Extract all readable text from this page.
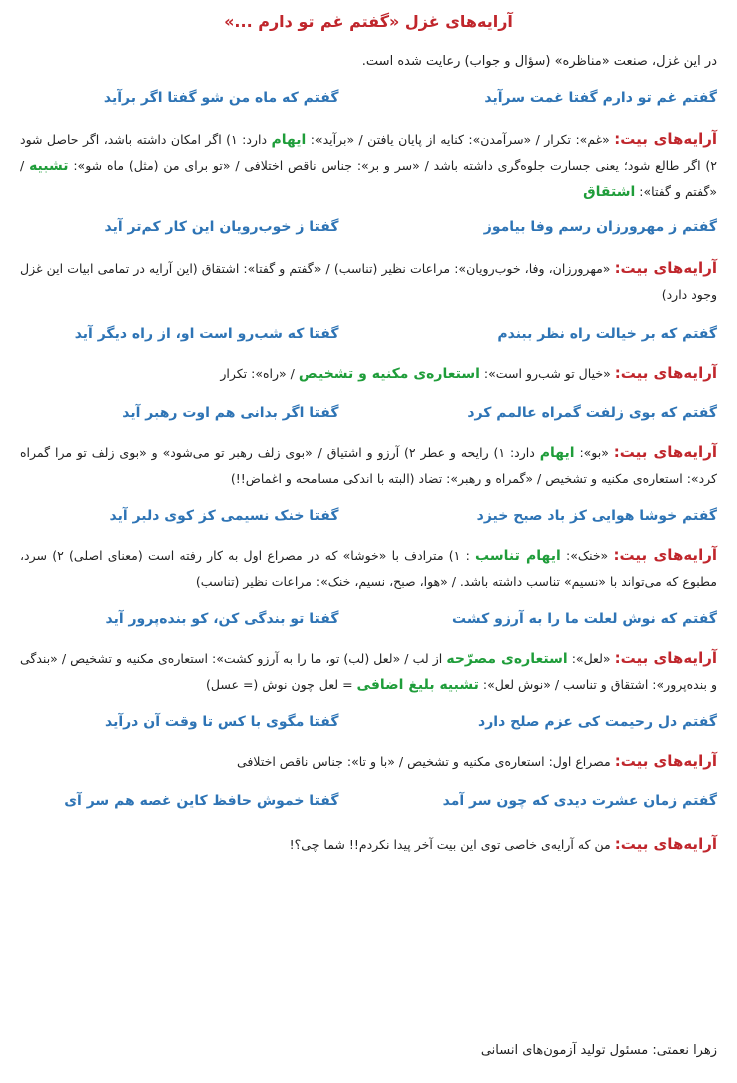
آرایه‌های غزل «گفتم غم تو دارم ...»
در این غزل، صنعت «مناظره» (سؤال و جواب) رعایت شده است.
گفتم غم تو دارم گفتا غمت سرآید
گفتم که ماه من شو گفتا اگر برآید
آرایه‌های بیت: «غم»: تکرار / «سرآمدن»: کنایه از پایان یافتن / «برآید»: ایهام دارد: ۱) اگر امکان داشته باشد، اگر حاصل شود ۲) اگر طالع شود؛ یعنی جسارت جلوه‌گری داشته باشد / «سر و بر»: جناس ناقص اختلافی / «تو برای من (مثل) ماه شو»: تشبیه / «گفتم و گفتا»: اشتقاق
گفتم ز مهرورزان رسم وفا بیاموز
گفتا ز خوب‌رویان این کار کم‌تر آید
آرایه‌های بیت: «مهرورزان، وفا، خوب‌رویان»: مراعات نظیر (تناسب) / «گفتم و گفتا»: اشتقاق (این آرایه در تمامی ابیات این غزل وجود دارد)
گفتم که بر خیالت راه نظر ببندم
گفتا که شب‌رو است او، از راه دیگر آید
آرایه‌های بیت: «خیال تو شب‌رو است»: استعاره‌ی مکنیه و تشخیص / «راه»: تکرار
گفتم که بوی زلفت گمراه عالمم کرد
گفتا اگر بدانی هم اوت رهبر آید
آرایه‌های بیت: «بو»: ایهام دارد: ۱) رایحه و عطر ۲) آرزو و اشتیاق / «بوی زلف رهبر تو می‌شود» و «بوی زلف تو مرا گمراه کرد»: استعاره‌ی مکنیه و تشخیص / «گمراه و رهبر»: تضاد (البته با اندکی مسامحه و اغماض!!)
گفتم خوشا هوایی کز باد صبح خیزد
گفتا خنک نسیمی کز کوی دلبر آید
آرایه‌های بیت: «خنک»: ایهام تناسب : ۱) مترادف با «خوشا» که در مصراع اول به کار رفته است (معنای اصلی) ۲) سرد، مطبوع که می‌تواند با «نسیم» تناسب داشته باشد. / «هوا، صبح، نسیم، خنک»: مراعات نظیر (تناسب)
گفتم که نوش لعلت ما را به آرزو کشت
گفتا تو بندگی کن، کو بنده‌پرور آید
آرایه‌های بیت: «لعل»: استعاره‌ی مصرّحه از لب / «لعل (لب) تو، ما را به آرزو کشت»: استعاره‌ی مکنیه و تشخیص / «بندگی و بنده‌پرور»: اشتقاق و تناسب / «نوش لعل»: تشبیه بلیغ اضافی = لعل چون نوش (= عسل)
گفتم دل رحیمت کی عزم صلح دارد
گفتا مگوی با کس تا وقت آن درآید
آرایه‌های بیت: مصراع اول: استعاره‌ی مکنیه و تشخیص / «با و تا»: جناس ناقص اختلافی
گفتم زمان عشرت دیدی که چون سر آمد
گفتا خموش حافظ کاین غصه هم سر آی
آرایه‌های بیت: من که آرایه‌ی خاصی توی این بیت آخر پیدا نکردم!! شما چی؟!
زهرا نعمتی: مسئول تولید آزمون‌های انسانی
